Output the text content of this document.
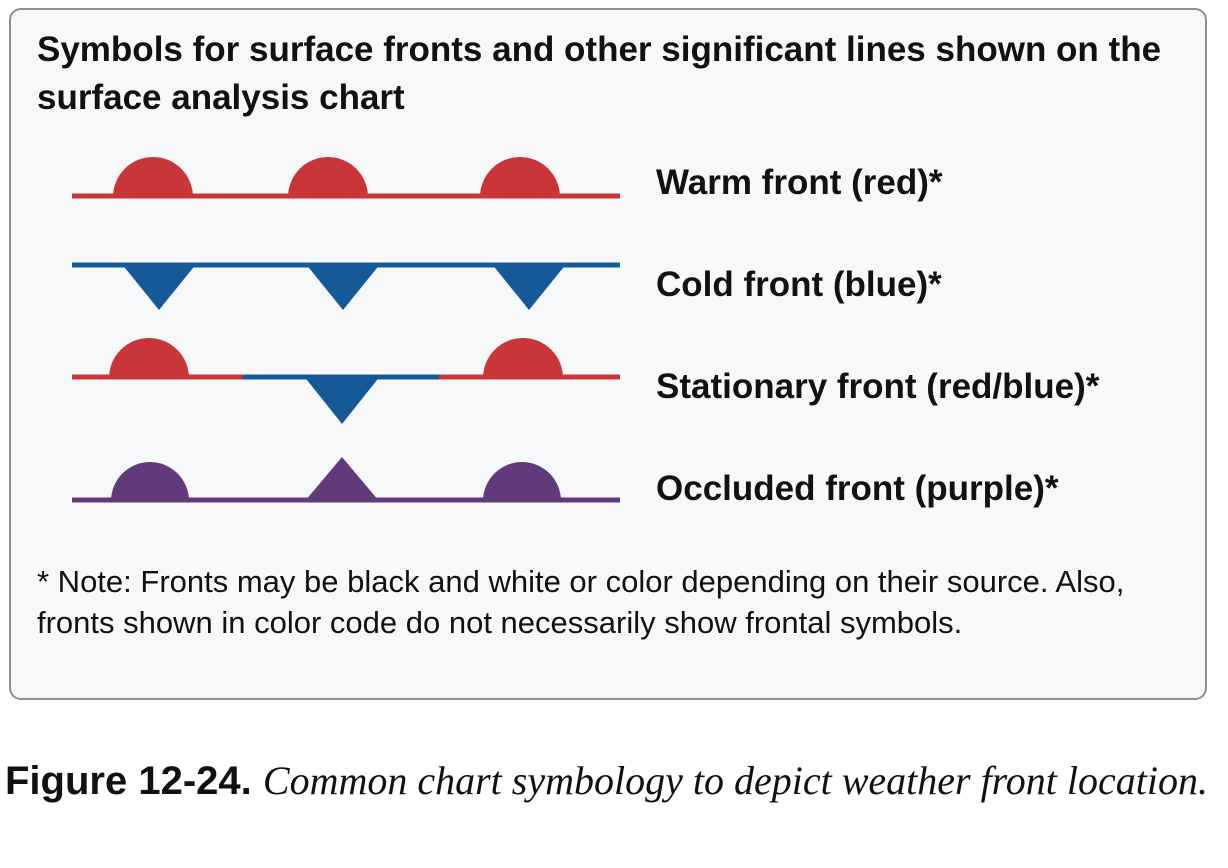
Symbols for surface fronts and other significant lines shown on the surface analysis chart
Warm front (red)*
Cold front (blue)*
Stationary front (red/blue)*
Occluded front (purple)*

* Note: Fronts may be black and white or color depending on their source. Also, fronts shown in color code do not necessarily show frontal symbols.

Figure 12-24. Common chart symbology to depict weather front location.
